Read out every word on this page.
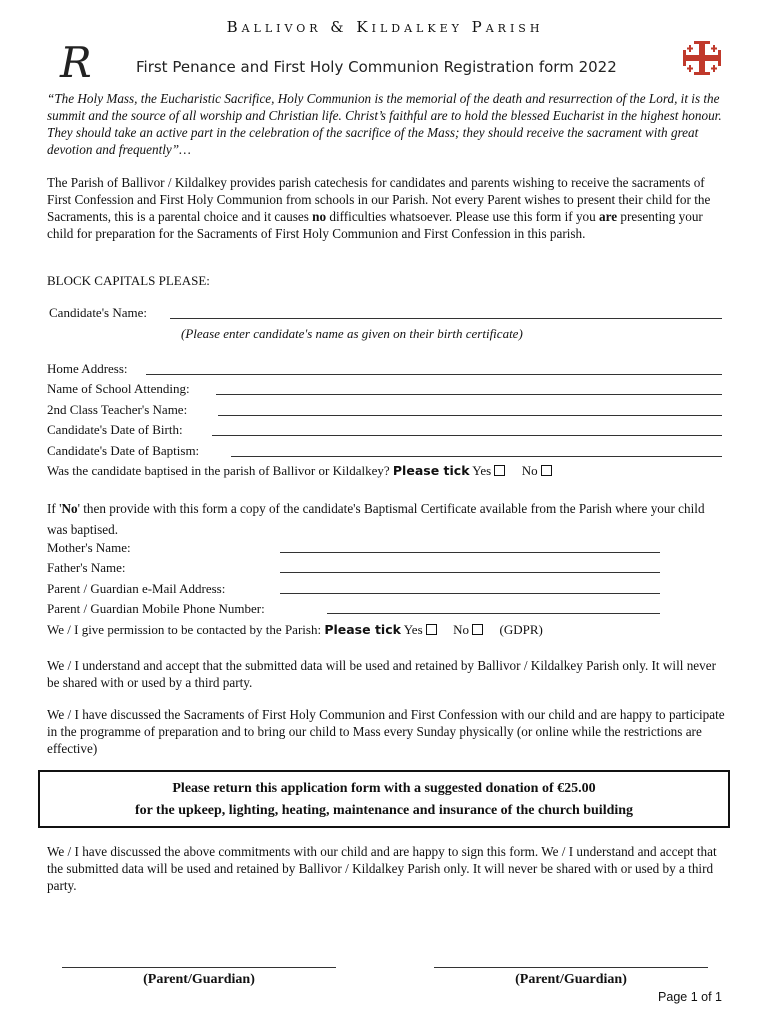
Ballivor & Kildalkey Parish
R	First Penance and First Holy Communion Registration form 2022
“The Holy Mass, the Eucharistic Sacrifice, Holy Communion is the memorial of the death and resurrection of the Lord, it is the summit and the source of all worship and Christian life. Christ’s faithful are to hold the blessed Eucharist in the highest honour. They should take an active part in the celebration of the sacrifice of the Mass; they should receive the sacrament with great devotion and frequently”…
The Parish of Ballivor / Kildalkey provides parish catechesis for candidates and parents wishing to receive the sacraments of First Confession and First Holy Communion from schools in our Parish. Not every Parent wishes to present their child for the Sacraments, this is a parental choice and it causes no difficulties whatsoever. Please use this form if you are presenting your child for preparation for the Sacraments of First Holy Communion and First Confession in this parish.
BLOCK CAPITALS PLEASE:
Candidate's Name:
(Please enter candidate's name as given on their birth certificate)
Home Address:
Name of School Attending:
2nd Class Teacher's Name:
Candidate's Date of Birth:
Candidate's Date of Baptism:
Was the candidate baptised in the parish of Ballivor or Kildalkey? Please tick Yes No
If 'No' then provide with this form a copy of the candidate's Baptismal Certificate available from the Parish where your child was baptised.
Mother's Name:
Father's Name:
Parent / Guardian e-Mail Address:
Parent / Guardian Mobile Phone Number:
We / I give permission to be contacted by the Parish: Please tick Yes No (GDPR)
We / I understand and accept that the submitted data will be used and retained by Ballivor / Kildalkey Parish only. It will never be shared with or used by a third party.
We / I have discussed the Sacraments of First Holy Communion and First Confession with our child and are happy to participate in the programme of preparation and to bring our child to Mass every Sunday physically (or online while the restrictions are effective)
Please return this application form with a suggested donation of €25.00
for the upkeep, lighting, heating, maintenance and insurance of the church building
We / I have discussed the above commitments with our child and are happy to sign this form. We / I understand and accept that the submitted data will be used and retained by Ballivor / Kildalkey Parish only. It will never be shared with or used by a third party.
(Parent/Guardian)	(Parent/Guardian)
Page 1 of 1
